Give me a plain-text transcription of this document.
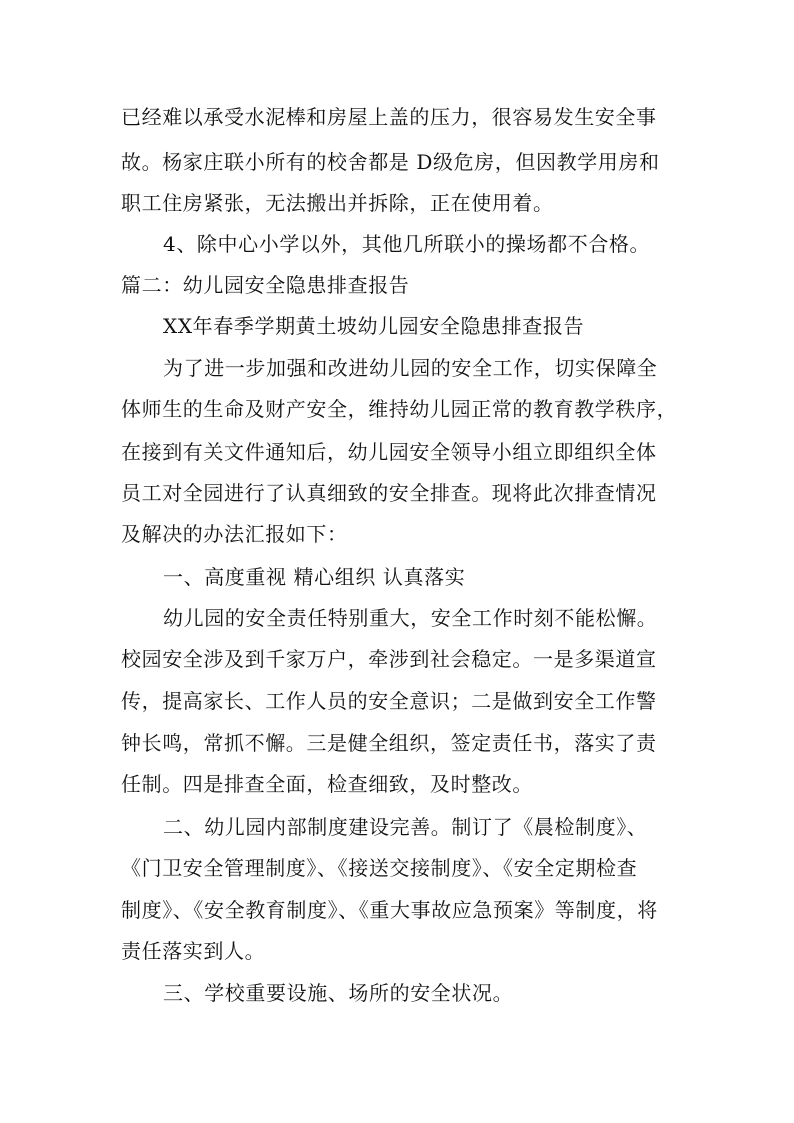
已经难以承受水泥棒和房屋上盖的压力，很容易发生安全事
故。杨家庄联小所有的校舍都是 D级危房，但因教学用房和
职工住房紧张，无法搬出并拆除，正在使用着。
4、除中心小学以外，其他几所联小的操场都不合格。
篇二：幼儿园安全隐患排查报告
XX年春季学期黄土坡幼儿园安全隐患排查报告
为了进一步加强和改进幼儿园的安全工作，切实保障全
体师生的生命及财产安全，维持幼儿园正常的教育教学秩序，
在接到有关文件通知后，幼儿园安全领导小组立即组织全体
员工对全园进行了认真细致的安全排查。现将此次排查情况
及解决的办法汇报如下：
一、高度重视 精心组织 认真落实
幼儿园的安全责任特别重大，安全工作时刻不能松懈。
校园安全涉及到千家万户，牵涉到社会稳定。一是多渠道宣
传，提高家长、工作人员的安全意识；二是做到安全工作警
钟长鸣，常抓不懈。三是健全组织，签定责任书，落实了责
任制。四是排查全面，检查细致，及时整改。
二、幼儿园内部制度建设完善。制订了《晨检制度》、
《门卫安全管理制度》、《接送交接制度》、《安全定期检查
制度》、《安全教育制度》、《重大事故应急预案》等制度，将
责任落实到人。
三、学校重要设施、场所的安全状况。
